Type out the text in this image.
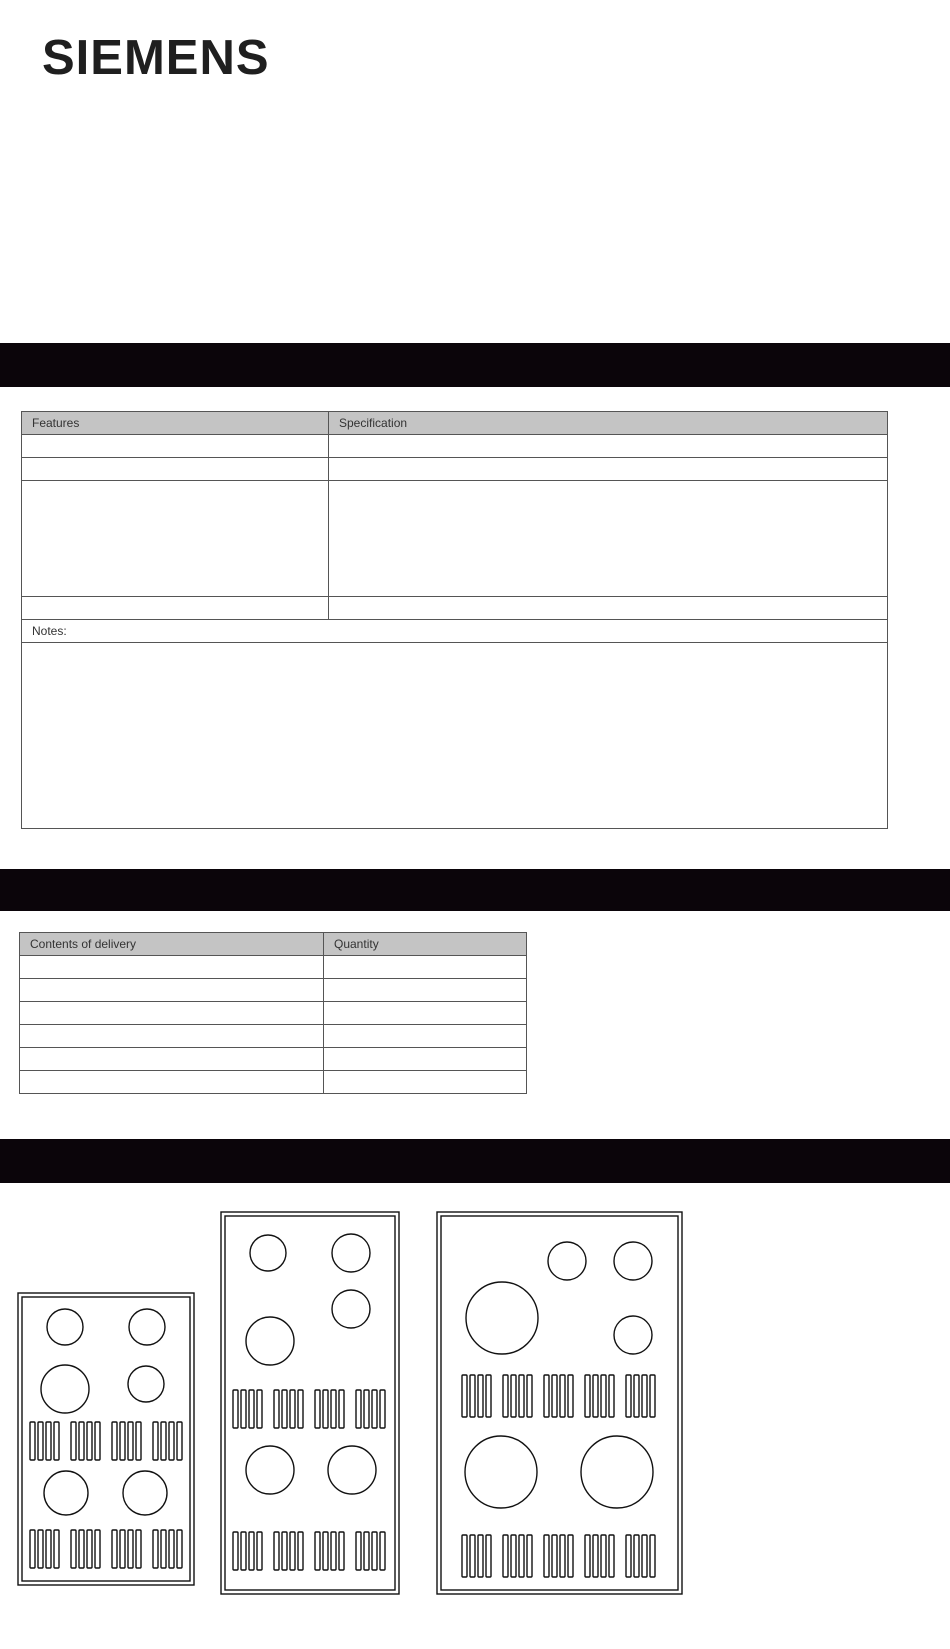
SIEMENS
Features	Specification

Notes:	

Contents of delivery	Quantity
